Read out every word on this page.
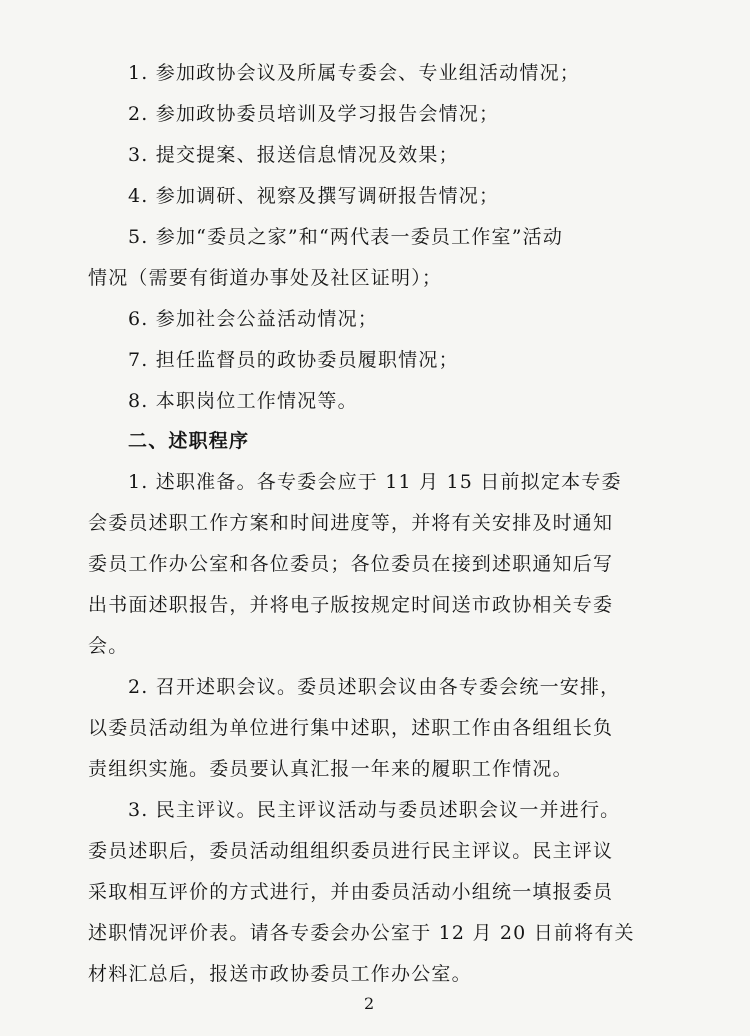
1. 参加政协会议及所属专委会、专业组活动情况；
2. 参加政协委员培训及学习报告会情况；
3. 提交提案、报送信息情况及效果；
4. 参加调研、视察及撰写调研报告情况；
5. 参加“委员之家”和“两代表一委员工作室”活动
情况（需要有街道办事处及社区证明）；
6. 参加社会公益活动情况；
7. 担任监督员的政协委员履职情况；
8. 本职岗位工作情况等。
二、述职程序
1. 述职准备。各专委会应于 11 月 15 日前拟定本专委
会委员述职工作方案和时间进度等，并将有关安排及时通知
委员工作办公室和各位委员；各位委员在接到述职通知后写
出书面述职报告，并将电子版按规定时间送市政协相关专委
会。
2. 召开述职会议。委员述职会议由各专委会统一安排，
以委员活动组为单位进行集中述职，述职工作由各组组长负
责组织实施。委员要认真汇报一年来的履职工作情况。
3. 民主评议。民主评议活动与委员述职会议一并进行。
委员述职后，委员活动组组织委员进行民主评议。民主评议
采取相互评价的方式进行，并由委员活动小组统一填报委员
述职情况评价表。请各专委会办公室于 12 月 20 日前将有关
材料汇总后，报送市政协委员工作办公室。
2
